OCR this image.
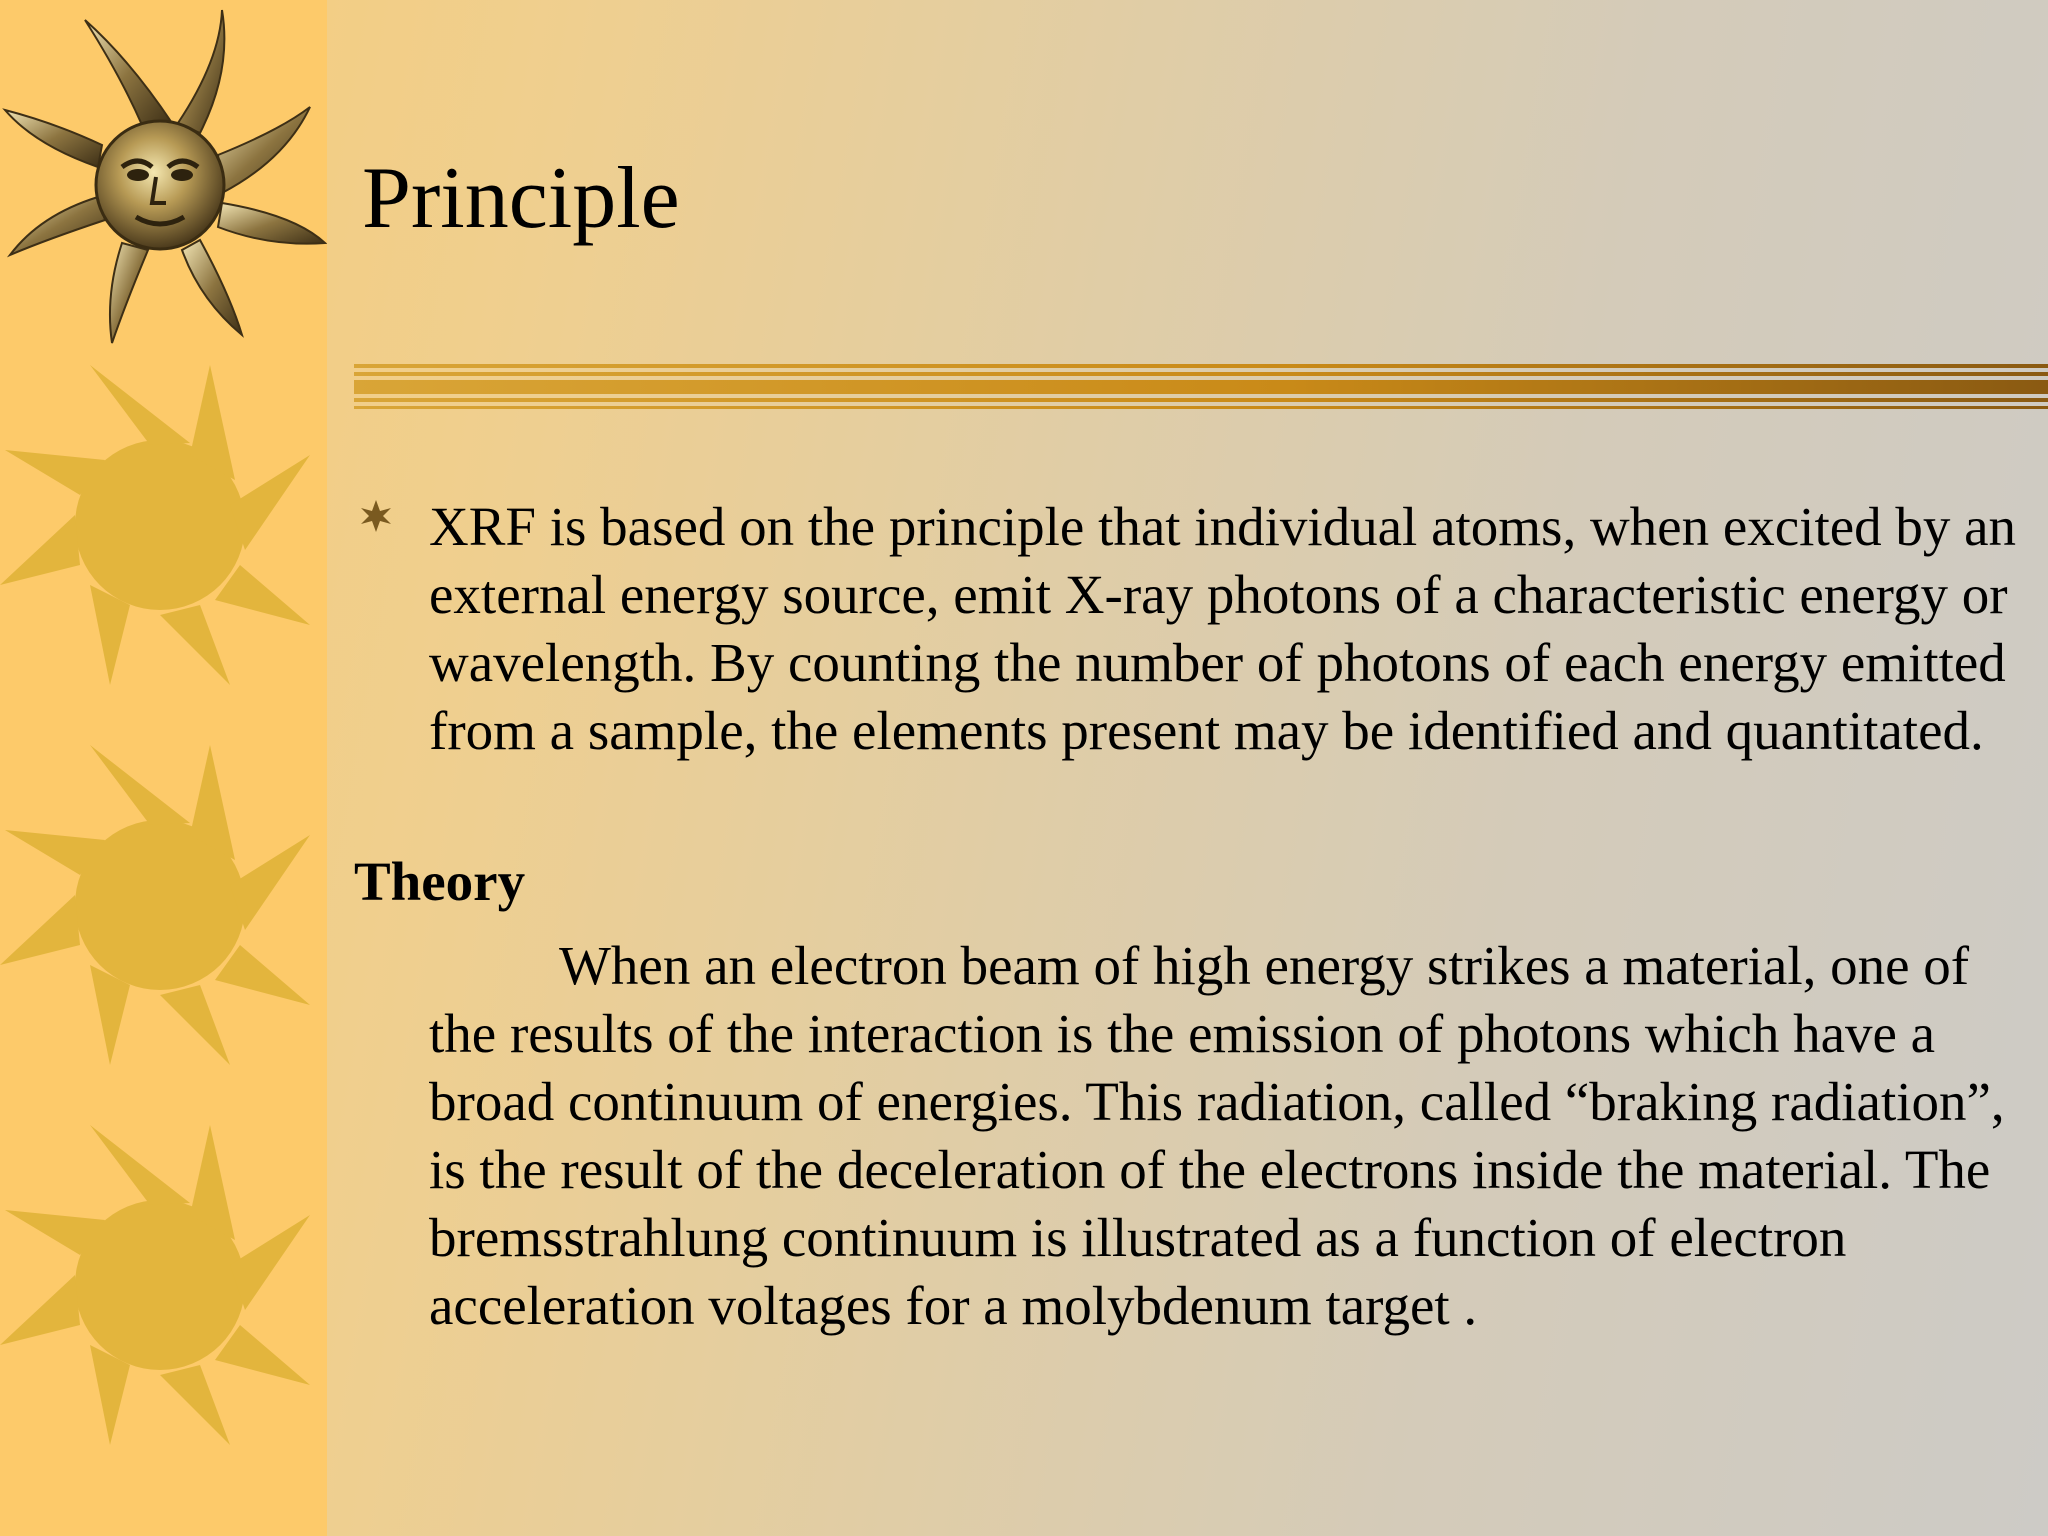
Principle
XRF is based on the principle that individual atoms, when excited by an external energy source, emit X-ray photons of a characteristic energy or wavelength. By counting the number of photons of each energy emitted from a sample, the elements present may be identified and quantitated.
Theory
When an electron beam of high energy strikes a material, one of the results of the interaction is the emission of photons which have a broad continuum of energies. This radiation, called “braking radiation”, is the result of the deceleration of the electrons inside the material. The bremsstrahlung continuum is illustrated as a function of electron acceleration voltages for a molybdenum target .
